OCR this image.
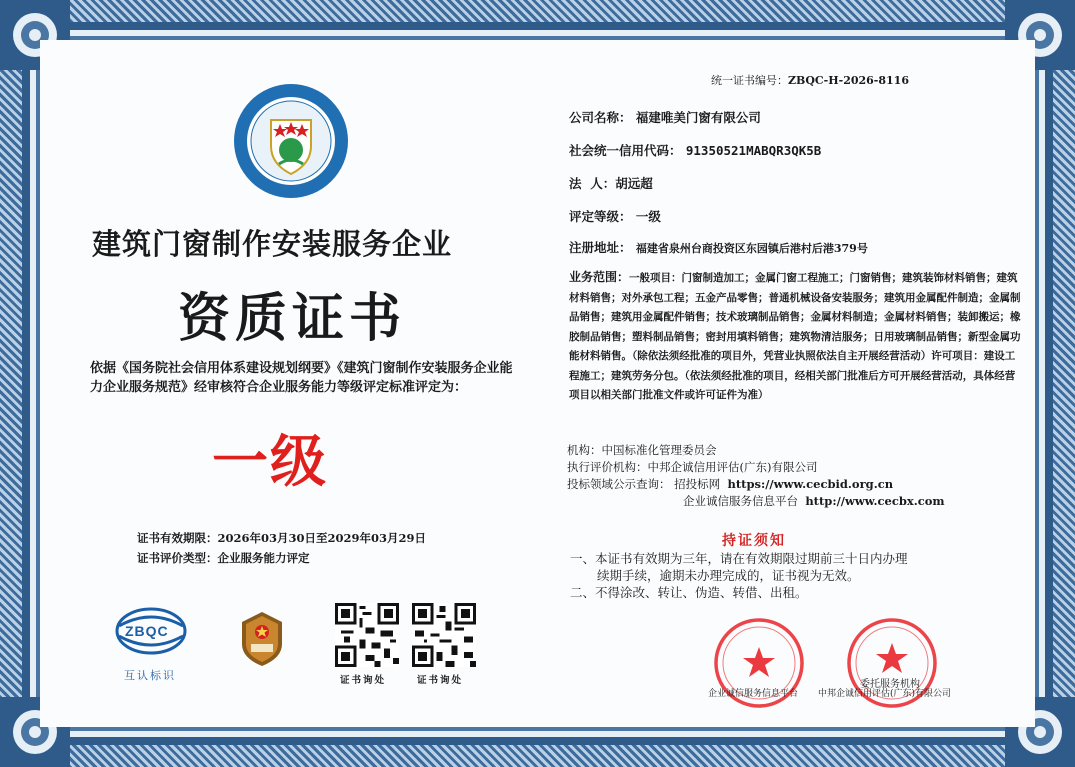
统一证书编号：ZBQC-H-2026-8116
建筑门窗制作安装服务企业
资质证书
依据《国务院社会信用体系建设规划纲要》《建筑门窗制作安装服务企业能力企业服务规范》经审核符合企业服务能力等级评定标准评定为：
一级
证书有效期限：2026年03月30日至2029年03月29日
证书评价类型：企业服务能力评定
公司名称： 福建唯美门窗有限公司
社会统一信用代码： 91350521MABQR3QK5B
法  人：胡远超
评定等级： 一级
注册地址： 福建省泉州台商投资区东园镇后港村后港379号
业务范围：一般项目：门窗制造加工；金属门窗工程施工；门窗销售；建筑装饰材料销售；建筑材料销售；对外承包工程；五金产品零售；普通机械设备安装服务；建筑用金属配件制造；金属制品销售；建筑用金属配件销售；技术玻璃制品销售；金属材料制造；金属材料销售；装卸搬运；橡胶制品销售；塑料制品销售；密封用填料销售；建筑物清洁服务；日用玻璃制品销售；新型金属功能材料销售。（除依法须经批准的项目外，凭营业执照依法自主开展经营活动）许可项目：建设工程施工；建筑劳务分包。（依法须经批准的项目，经相关部门批准后方可开展经营活动，具体经营项目以相关部门批准文件或许可证件为准）
机构：中国标准化管理委员会
执行评价机构：中邦企诚信用评估(广东)有限公司
投标领域公示查询： 招投标网 https://www.cecbid.org.cn
企业诚信服务信息平台 http://www.cecbx.com
持证须知
一、本证书有效期为三年，请在有效期限过期前三十日内办理
续期手续，逾期未办理完成的，证书视为无效。
二、不得涂改、转让、伪造、转借、出租。
ZBQC
互认标识	证书询处	证书询处	委托服务机构
企业诚信服务信息平台 中邦企诚信用评估(广东)有限公司
